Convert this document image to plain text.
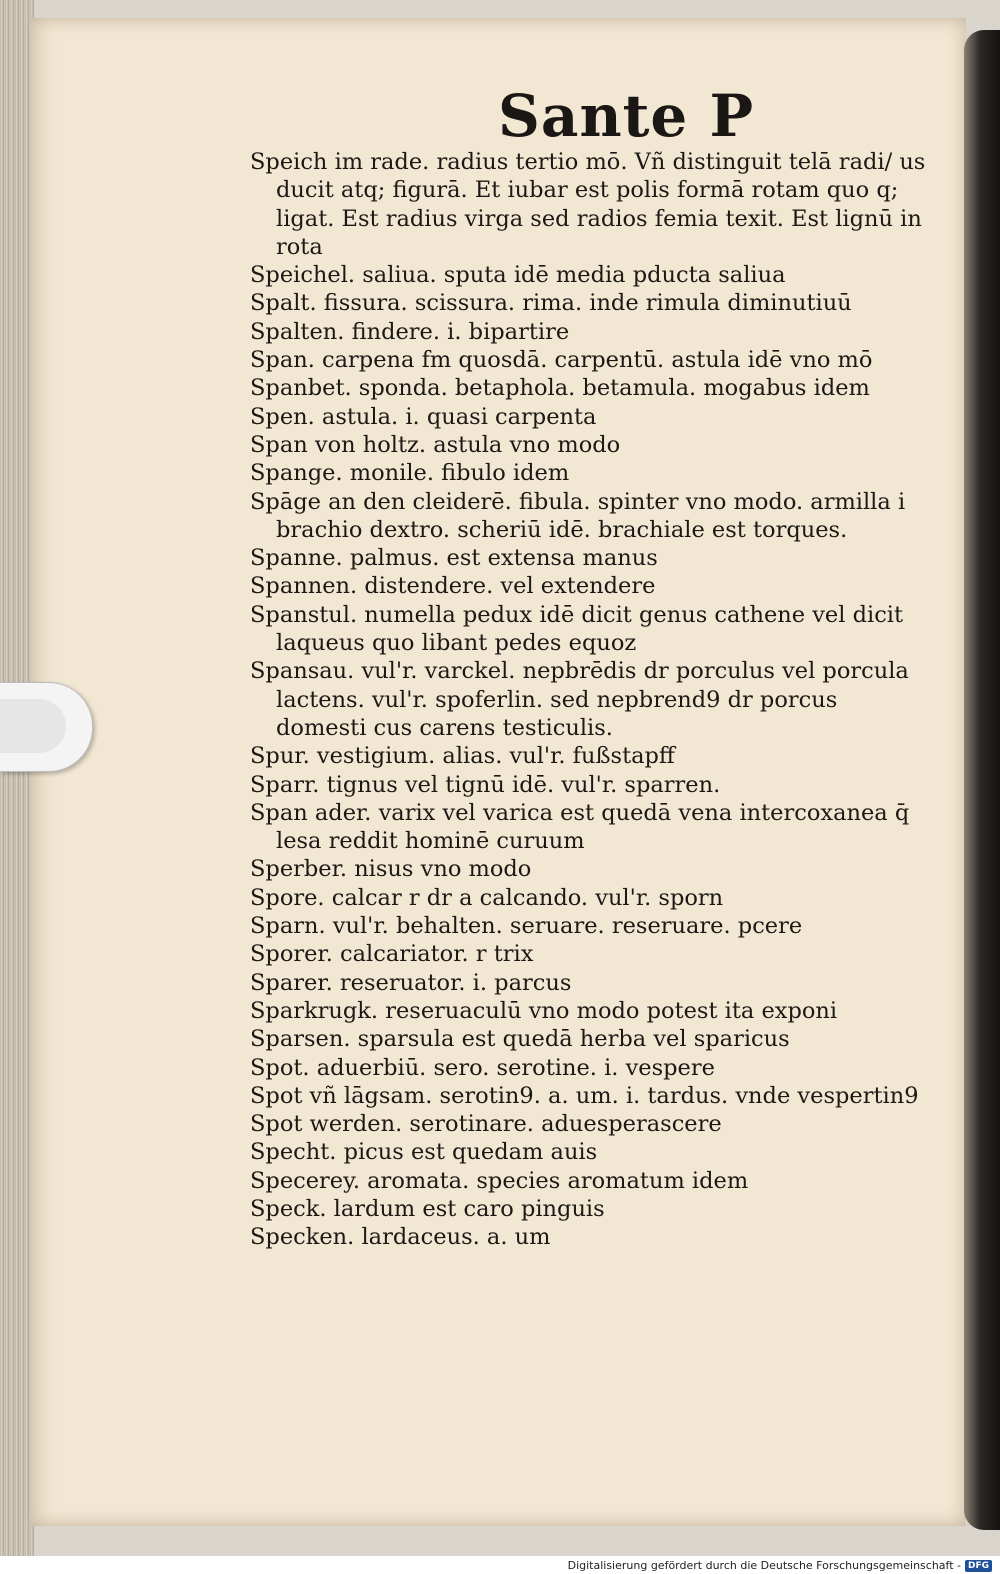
Sante P
Speich im rade. radius tertio mō. Vñ distinguit telā radi/ us ducit atq; figurā. Et iubar est polis formā rotam quo q; ligat. Est radius virga sed radios femia texit. Est lignū in rota
Speichel. saliua. sputa idē media pducta saliua
Spalt. fissura. scissura. rima. inde rimula diminutiuū
Spalten. findere. i. bipartire
Span. carpena fm quosdā. carpentū. astula idē vno mō
Spanbet. sponda. betaphola. betamula. mogabus idem
Spen. astula. i. quasi carpenta
Span von holtz. astula vno modo
Spange. monile. fibulo idem
Spāge an den cleiderē. fibula. spinter vno modo. armilla i brachio dextro. scheriū idē. brachiale est torques.
Spanne. palmus. est extensa manus
Spannen. distendere. vel extendere
Spanstul. numella pedux idē dicit genus cathene vel dicit laqueus quo libant pedes equoz
Spansau. vul'r. varckel. nepbrēdis dr porculus vel porcula lactens. vul'r. spoferlin. sed nepbrend9 dr porcus domesti cus carens testiculis.
Spur. vestigium. alias. vul'r. fußstapff
Sparr. tignus vel tignū idē. vul'r. sparren.
Span ader. varix vel varica est quedā vena intercoxanea q̄ lesa reddit hominē curuum
Sperber. nisus vno modo
Spore. calcar r dr a calcando. vul'r. sporn
Sparn. vul'r. behalten. seruare. reseruare. pcere
Sporer. calcariator. r trix
Sparer. reseruator. i. parcus
Sparkrugk. reseruaculū vno modo potest ita exponi
Sparsen. sparsula est quedā herba vel sparicus
Spot. aduerbiū. sero. serotine. i. vespere
Spot vñ lāgsam. serotin9. a. um. i. tardus. vnde vespertin9
Spot werden. serotinare. aduesperascere
Specht. picus est quedam auis
Specerey. aromata. species aromatum idem
Speck. lardum est caro pinguis
Specken. lardaceus. a. um
Digitalisierung gefördert durch die Deutsche Forschungsgemeinschaft - DFG
